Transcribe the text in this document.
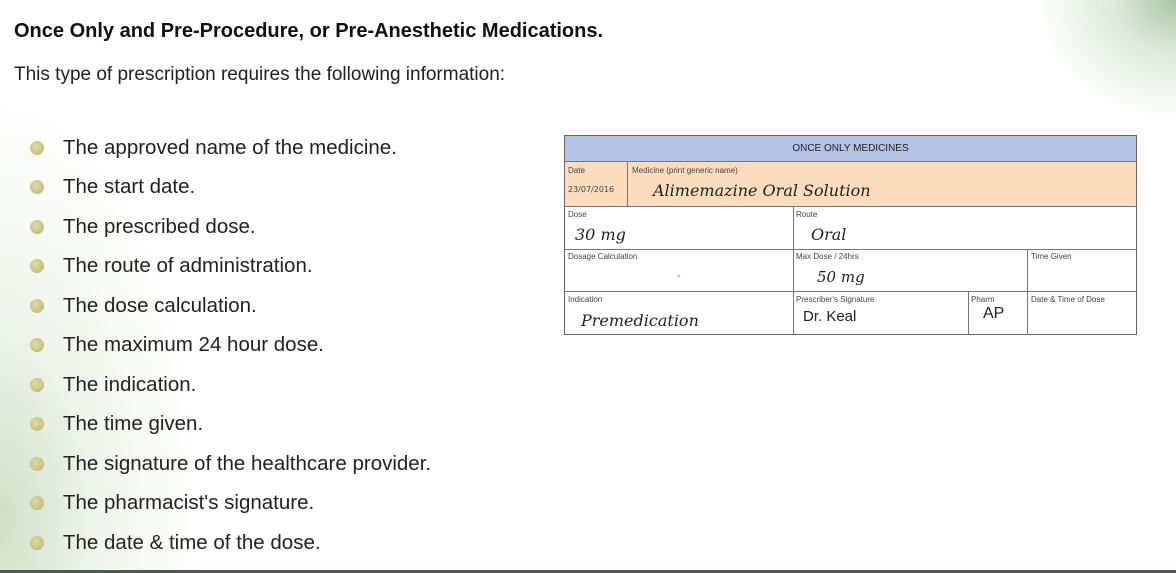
Once Only and Pre-Procedure, or Pre-Anesthetic Medications.
This type of prescription requires the following information:
The approved name of the medicine.
The start date.
The prescribed dose.
The route of administration.
The dose calculation.
The maximum 24 hour dose.
The indication.
The time given.
The signature of the healthcare provider.
The pharmacist's signature.
The date & time of the dose.
ONCE ONLY MEDICINES
Date
23/07/2016
Medicine (print generic name)
Alimemazine Oral Solution
Dose
30 mg
Route
Oral
Dosage Calculation
-
Max Dose / 24hrs
50 mg
Time Given
Indication
Premedication
Prescriber's Signature
Dr. Keal
Pharm
AP
Date & Time of Dose
